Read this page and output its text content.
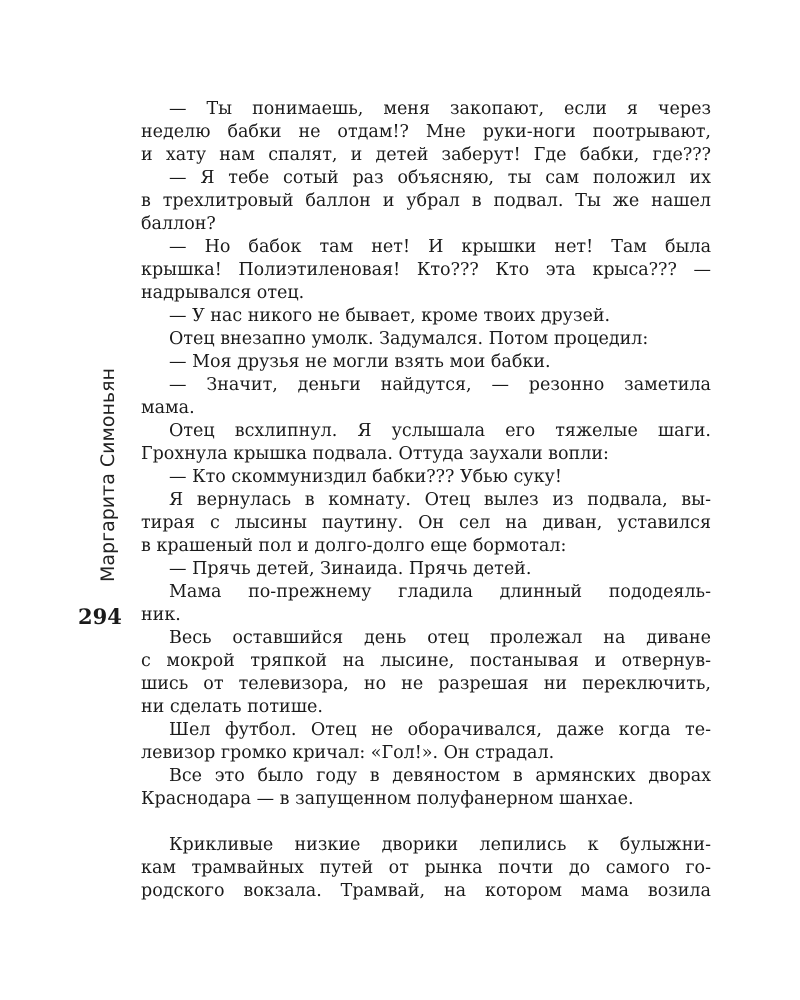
Маргарита Симоньян
294
— Ты понимаешь, меня закопают, если я через
неделю бабки не отдам!? Мне руки-ноги поотрывают,
и хату нам спалят, и детей заберут! Где бабки, где???
— Я тебе сотый раз объясняю, ты сам положил их
в трехлитровый баллон и убрал в подвал. Ты же нашел
баллон?
— Но бабок там нет! И крышки нет! Там была
крышка! Полиэтиленовая! Кто??? Кто эта крыса??? —
надрывался отец.
— У нас никого не бывает, кроме твоих друзей.
Отец внезапно умолк. Задумался. Потом процедил:
— Моя друзья не могли взять мои бабки.
— Значит, деньги найдутся, — резонно заметила
мама.
Отец всхлипнул. Я услышала его тяжелые шаги.
Грохнула крышка подвала. Оттуда заухали вопли:
— Кто скоммуниздил бабки??? Убью суку!
Я вернулась в комнату. Отец вылез из подвала, вы-
тирая с лысины паутину. Он сел на диван, уставился
в крашеный пол и долго-долго еще бормотал:
— Прячь детей, Зинаида. Прячь детей.
Мама по-прежнему гладила длинный пододеяль-
ник.
Весь оставшийся день отец пролежал на диване
с мокрой тряпкой на лысине, постанывая и отвернув-
шись от телевизора, но не разрешая ни переключить,
ни сделать потише.
Шел футбол. Отец не оборачивался, даже когда те-
левизор громко кричал: «Гол!». Он страдал.
Все это было году в девяностом в армянских дворах
Краснодара — в запущенном полуфанерном шанхае.
Крикливые низкие дворики лепились к булыжни-
кам трамвайных путей от рынка почти до самого го-
родского вокзала. Трамвай, на котором мама возила
